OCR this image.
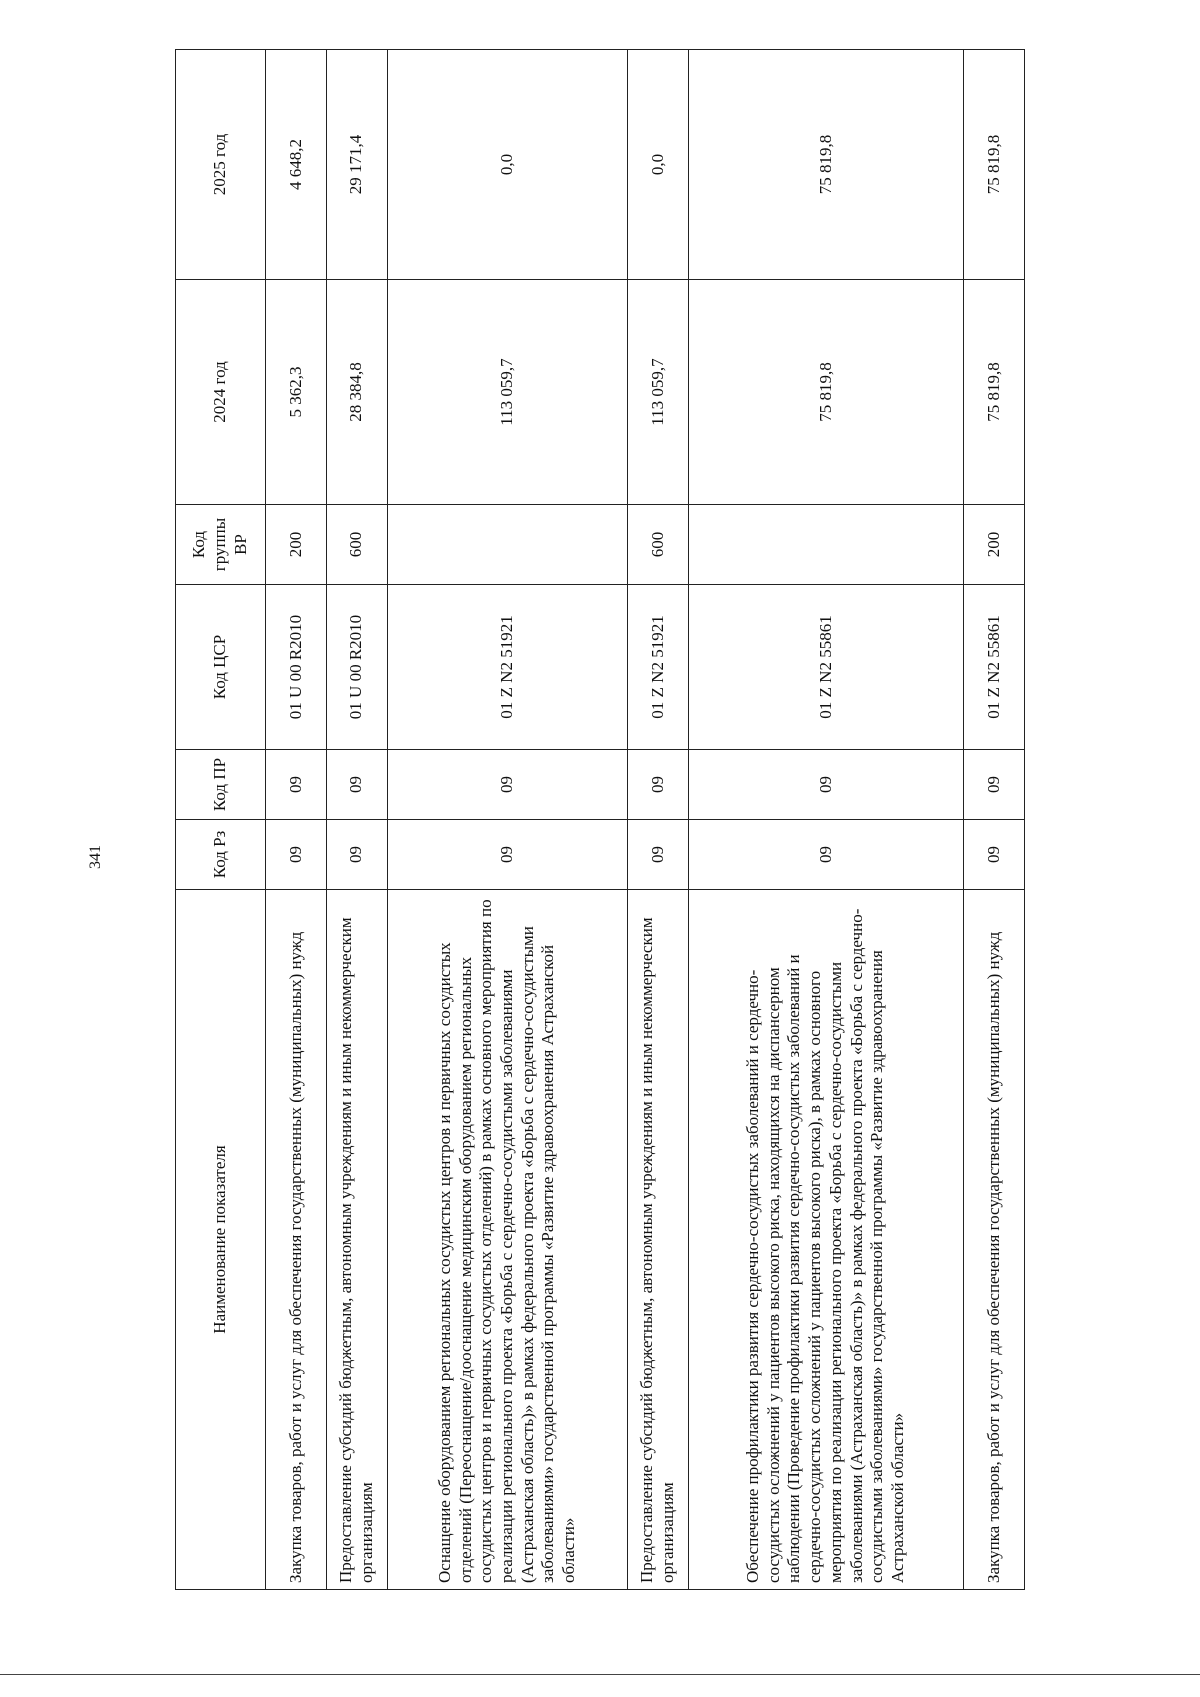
341
Наименование показателя	Код Рз	Код ПР	Код ЦСР	Код группы ВР	2024 год	2025 год
Закупка товаров, работ и услуг для обеспечения государственных (муниципальных) нужд	09	09	01 U 00 R2010	200	5 362,3	4 648,2
Предоставление субсидий бюджетным, автономным учреждениям и иным некоммерческим организациям	09	09	01 U 00 R2010	600	28 384,8	29 171,4
Оснащение оборудованием региональных сосудистых центров и первичных сосудистых отделений (Переоснащение/дооснащение медицинским оборудованием региональных сосудистых центров и первичных сосудистых отделений) в рамках основного мероприятия по реализации регионального проекта «Борьба с сердечно-сосудистыми заболеваниями (Астраханская область)» в рамках федерального проекта «Борьба с сердечно-сосудистыми заболеваниями» государственной программы «Развитие здравоохранения Астраханской области»	09	09	01 Z N2 51921		113 059,7	0,0
Предоставление субсидий бюджетным, автономным учреждениям и иным некоммерческим организациям	09	09	01 Z N2 51921	600	113 059,7	0,0
Обеспечение профилактики развития сердечно-сосудистых заболеваний и сердечно-сосудистых осложнений у пациентов высокого риска, находящихся на диспансерном наблюдении (Проведение профилактики развития сердечно-сосудистых заболеваний и сердечно-сосудистых осложнений у пациентов высокого риска), в рамках основного мероприятия по реализации регионального проекта «Борьба с сердечно-сосудистыми заболеваниями (Астраханская область)» в рамках федерального проекта «Борьба с сердечно-сосудистыми заболеваниями» государственной программы «Развитие здравоохранения Астраханской области»	09	09	01 Z N2 55861		75 819,8	75 819,8
Закупка товаров, работ и услуг для обеспечения государственных (муниципальных) нужд	09	09	01 Z N2 55861	200	75 819,8	75 819,8
